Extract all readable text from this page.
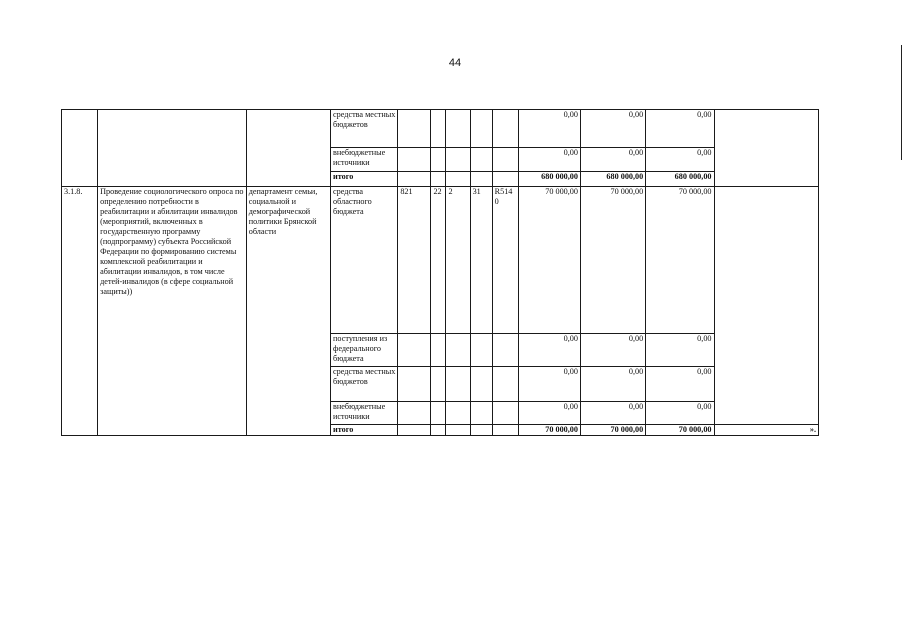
44
			средства местных бюджетов						0,00	0,00	0,00	
			внебюджетные источники						0,00	0,00	0,00	
			итого						680 000,00	680 000,00	680 000,00	
3.1.8.	Проведение социологического опроса по определению потребности в реабилитации и абилитации инвалидов (мероприятий, включенных в государственную программу (подпрограмму) субъекта Российской Федерации по формированию системы комплексной реабилитации и абилитации инвалидов, в том числе детей-инвалидов (в сфере социальной защиты))	департамент семьи, социальной и демографической политики Брянской области	средства областного бюджета	821	22	2	31	R5140	70 000,00	70 000,00	70 000,00	
			поступления из федерального бюджета						0,00	0,00	0,00	
			средства местных бюджетов						0,00	0,00	0,00	
			внебюджетные источники						0,00	0,00	0,00	
			итого						70 000,00	70 000,00	70 000,00	».
